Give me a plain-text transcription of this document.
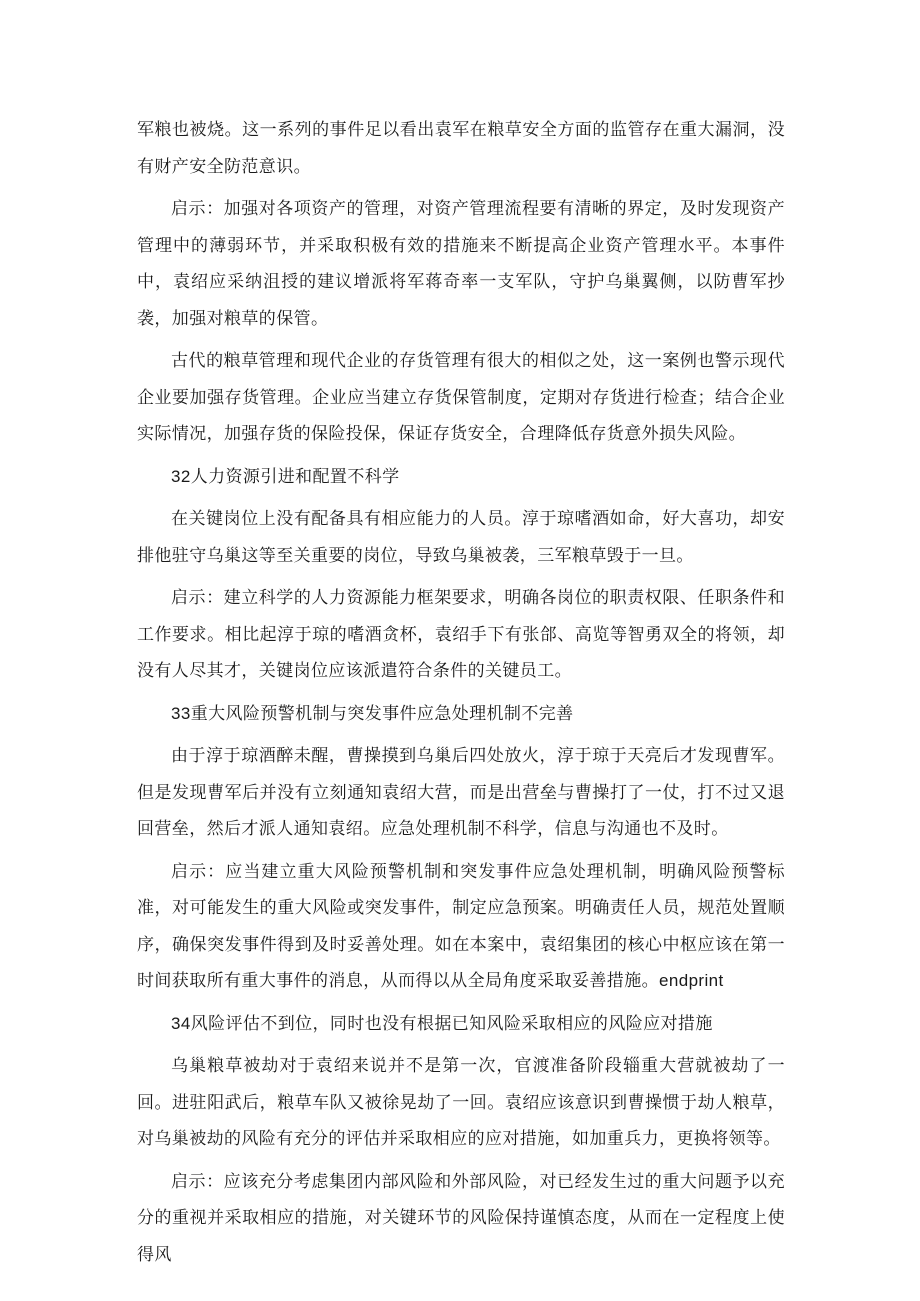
军粮也被烧。这一系列的事件足以看出袁军在粮草安全方面的监管存在重大漏洞，没有财产安全防范意识。

启示：加强对各项资产的管理，对资产管理流程要有清晰的界定，及时发现资产管理中的薄弱环节，并采取积极有效的措施来不断提高企业资产管理水平。本事件中，袁绍应采纳沮授的建议增派将军蒋奇率一支军队，守护乌巢翼侧，以防曹军抄袭，加强对粮草的保管。

古代的粮草管理和现代企业的存货管理有很大的相似之处，这一案例也警示现代企业要加强存货管理。企业应当建立存货保管制度，定期对存货进行检查；结合企业实际情况，加强存货的保险投保，保证存货安全，合理降低存货意外损失风险。

32人力资源引进和配置不科学

在关键岗位上没有配备具有相应能力的人员。淳于琼嗜酒如命，好大喜功，却安排他驻守乌巢这等至关重要的岗位，导致乌巢被袭，三军粮草毁于一旦。

启示：建立科学的人力资源能力框架要求，明确各岗位的职责权限、任职条件和工作要求。相比起淳于琼的嗜酒贪杯，袁绍手下有张郃、高览等智勇双全的将领，却没有人尽其才，关键岗位应该派遣符合条件的关键员工。

33重大风险预警机制与突发事件应急处理机制不完善

由于淳于琼酒醉未醒，曹操摸到乌巢后四处放火，淳于琼于天亮后才发现曹军。但是发现曹军后并没有立刻通知袁绍大营，而是出营垒与曹操打了一仗，打不过又退回营垒，然后才派人通知袁绍。应急处理机制不科学，信息与沟通也不及时。

启示：应当建立重大风险预警机制和突发事件应急处理机制，明确风险预警标准，对可能发生的重大风险或突发事件，制定应急预案。明确责任人员，规范处置顺序，确保突发事件得到及时妥善处理。如在本案中，袁绍集团的核心中枢应该在第一时间获取所有重大事件的消息，从而得以从全局角度采取妥善措施。endprint

34风险评估不到位，同时也没有根据已知风险采取相应的风险应对措施

乌巢粮草被劫对于袁绍来说并不是第一次，官渡准备阶段辎重大营就被劫了一回。进驻阳武后，粮草车队又被徐晃劫了一回。袁绍应该意识到曹操惯于劫人粮草，对乌巢被劫的风险有充分的评估并采取相应的应对措施，如加重兵力，更换将领等。

启示：应该充分考虑集团内部风险和外部风险，对已经发生过的重大问题予以充分的重视并采取相应的措施，对关键环节的风险保持谨慎态度，从而在一定程度上使得风
